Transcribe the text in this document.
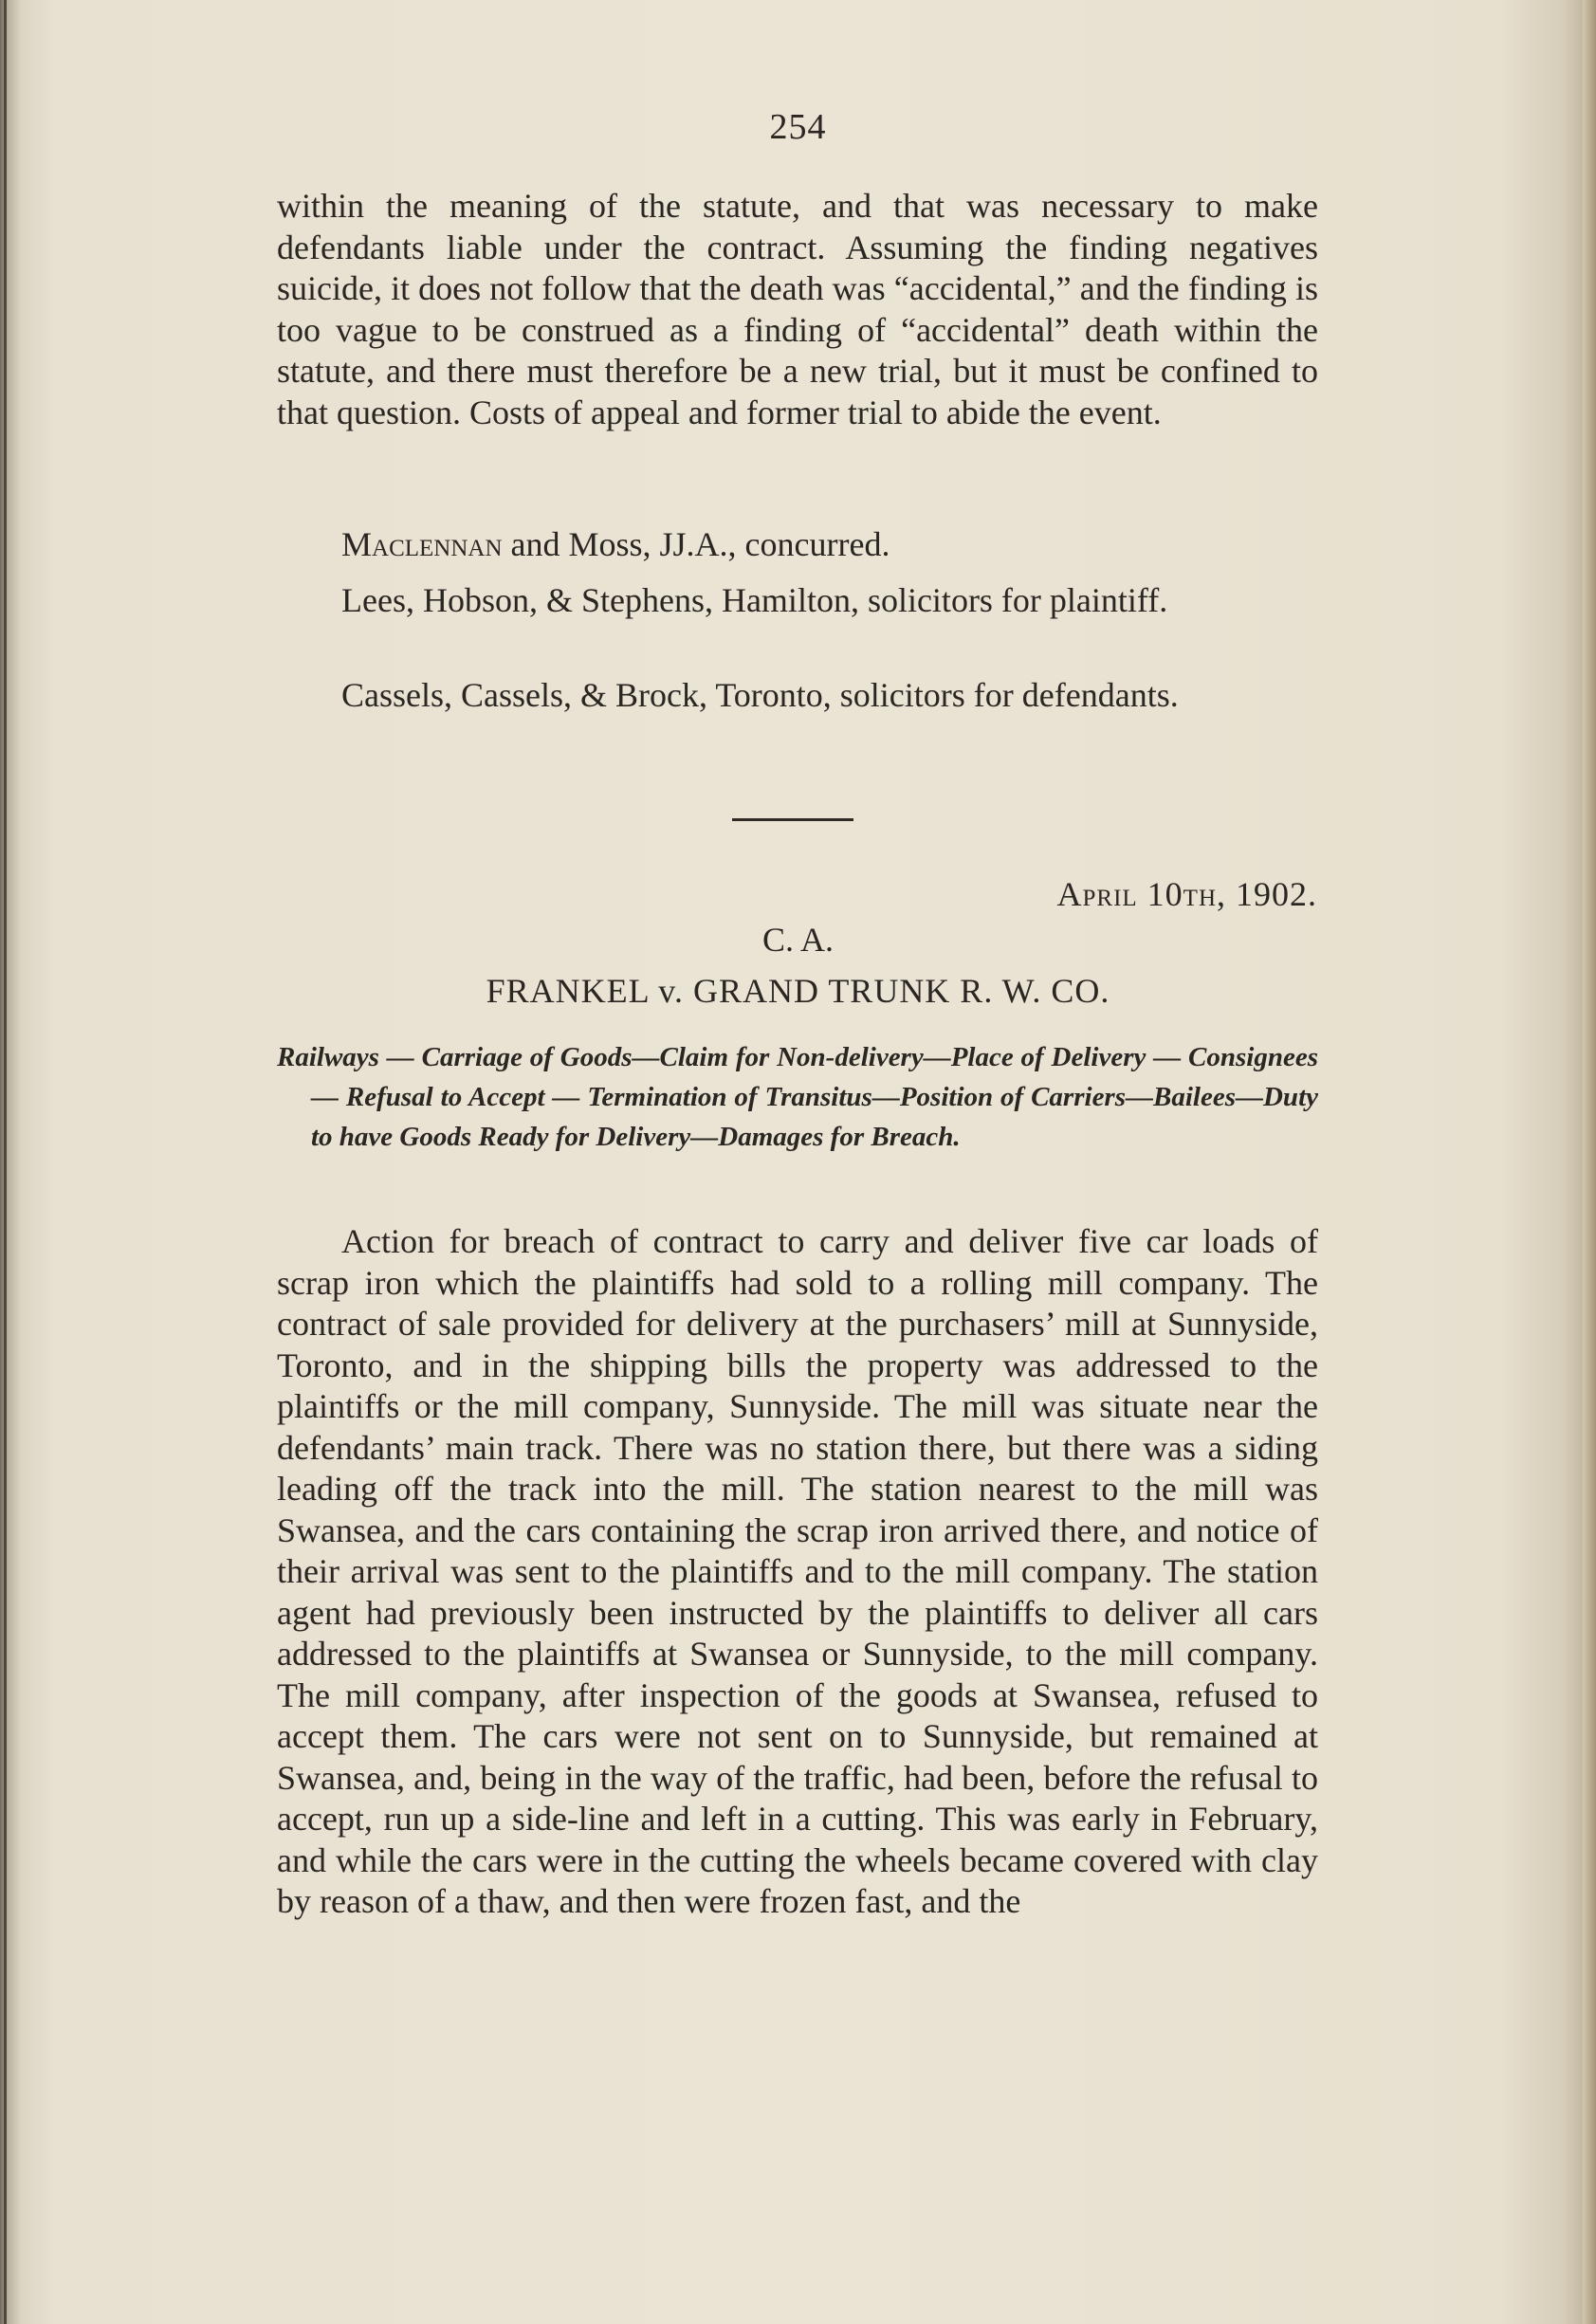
254

within the meaning of the statute, and that was necessary to make defendants liable under the contract. Assuming the finding negatives suicide, it does not follow that the death was “accidental,” and the finding is too vague to be construed as a finding of “accidental” death within the statute, and there must therefore be a new trial, but it must be confined to that question. Costs of appeal and former trial to abide the event.

Maclennan and Moss, JJ.A., concurred.

Lees, Hobson, & Stephens, Hamilton, solicitors for plaintiff.

Cassels, Cassels, & Brock, Toronto, solicitors for defendants.

April 10th, 1902.
C. A.
FRANKEL v. GRAND TRUNK R. W. CO.
Railways — Carriage of Goods—Claim for Non-delivery—Place of Delivery — Consignees — Refusal to Accept — Termination of Transitus—Position of Carriers—Bailees—Duty to have Goods Ready for Delivery—Damages for Breach.

Action for breach of contract to carry and deliver five car loads of scrap iron which the plaintiffs had sold to a rolling mill company. The contract of sale provided for delivery at the purchasers’ mill at Sunnyside, Toronto, and in the shipping bills the property was addressed to the plaintiffs or the mill company, Sunnyside. The mill was situate near the defendants’ main track. There was no station there, but there was a siding leading off the track into the mill. The station nearest to the mill was Swansea, and the cars containing the scrap iron arrived there, and notice of their arrival was sent to the plaintiffs and to the mill company. The station agent had previously been instructed by the plaintiffs to deliver all cars addressed to the plaintiffs at Swansea or Sunnyside, to the mill company. The mill company, after inspection of the goods at Swansea, refused to accept them. The cars were not sent on to Sunnyside, but remained at Swansea, and, being in the way of the traffic, had been, before the refusal to accept, run up a side-line and left in a cutting. This was early in February, and while the cars were in the cutting the wheels became covered with clay by reason of a thaw, and then were frozen fast, and the
